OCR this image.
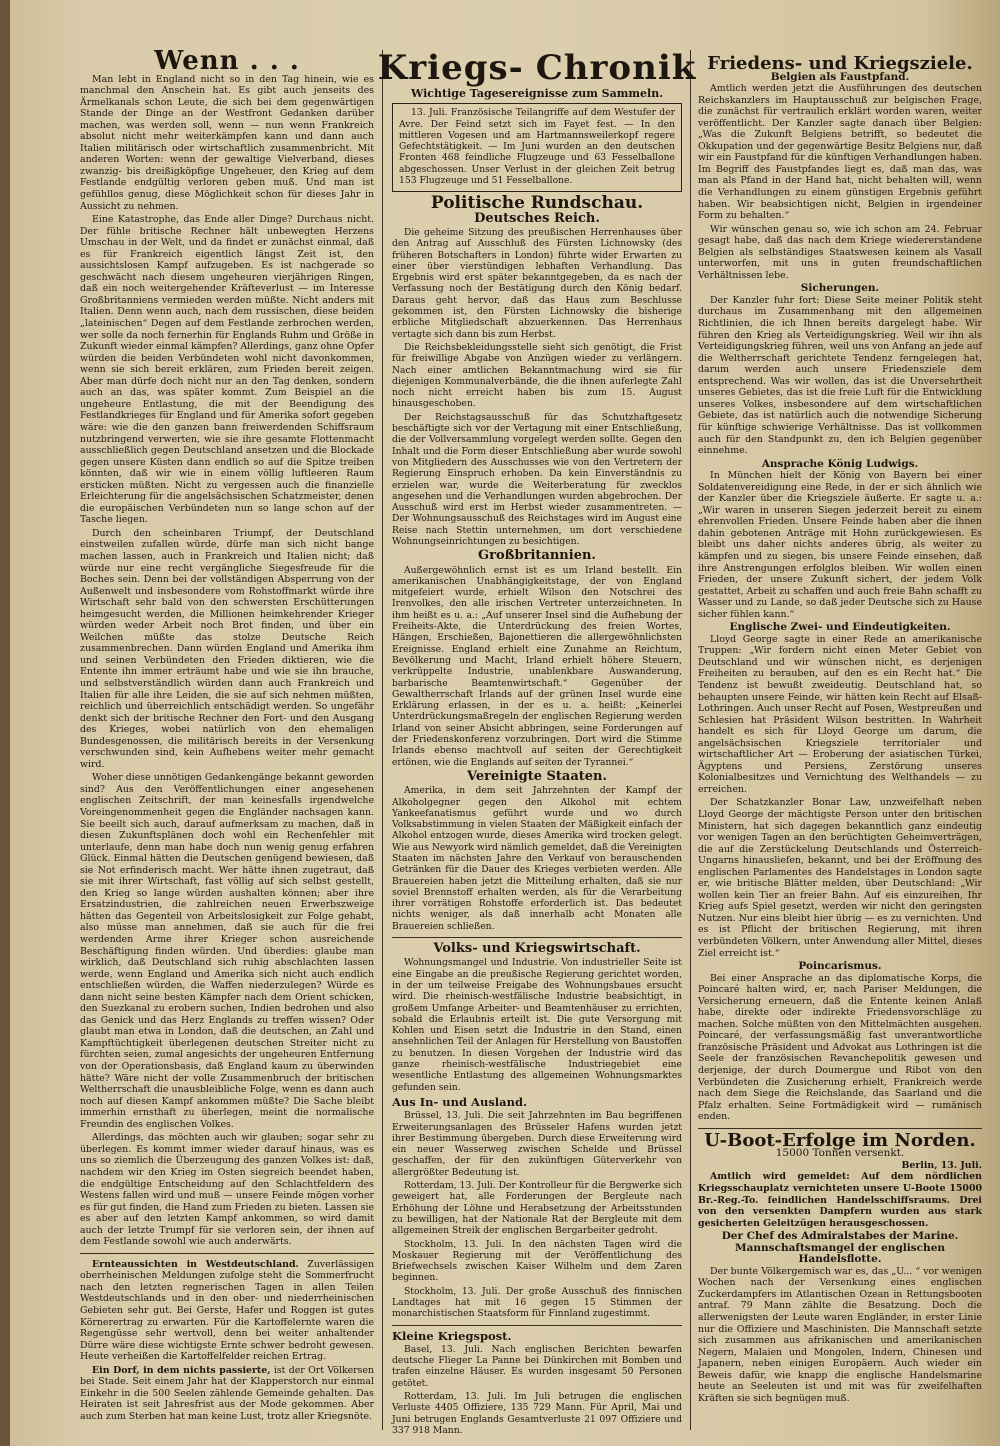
Wenn . . .

Man lebt in England nicht so in den Tag hinein, wie es manchmal den Anschein hat. Es gibt auch jenseits des Ärmelkanals schon Leute, die sich bei dem gegenwärtigen Stande der Dinge an der Westfront Gedanken darüber machen, was werden soll, wenn — nun wenn Frankreich absolut nicht mehr weiterkämpfen kann und dann auch Italien militärisch oder wirtschaftlich zusammenbricht. Mit anderen Worten: wenn der gewaltige Vielverband, dieses zwanzig- bis dreißigköpfige Ungeheuer, den Krieg auf dem Festlande endgültig verloren geben muß. Und man ist gefühllos genug, diese Möglichkeit schon für dieses Jahr in Aussicht zu nehmen.

Eine Katastrophe, das Ende aller Dinge? Durchaus nicht. Der fühle britische Rechner hält unbewegten Herzens Umschau in der Welt, und da findet er zunächst einmal, daß es für Frankreich eigentlich längst Zeit ist, den aussichtslosen Kampf aufzugeben. Es ist nachgerade so geschwächt nach diesem ungeheuren vierjährigen Ringen, daß ein noch weitergehender Kräfteverlust — im Interesse Großbritanniens vermieden werden müßte. Nicht anders mit Italien. Denn wenn auch, nach dem russischen, diese beiden „lateinischen“ Degen auf dem Festlande zerbrochen werden, wer solle da noch fernerhin für Englands Ruhm und Größe in Zukunft wieder einmal kämpfen? Allerdings, ganz ohne Opfer würden die beiden Verbündeten wohl nicht davonkommen, wenn sie sich bereit erklären, zum Frieden bereit zeigen. Aber man dürfe doch nicht nur an den Tag denken, sondern auch an das, was später kommt. Zum Beispiel an die ungeheure Entlastung, die mit der Beendigung des Festlandkrieges für England und für Amerika sofort gegeben wäre: wie die den ganzen bann freiwerdenden Schiffsraum nutzbringend verwerten, wie sie ihre gesamte Flottenmacht ausschließlich gegen Deutschland ansetzen und die Blockade gegen unsere Küsten dann endlich so auf die Spitze treiben könnten, daß wir wie in einem völlig luftleeren Raum ersticken müßten. Nicht zu vergessen auch die finanzielle Erleichterung für die angelsächsischen Schatzmeister, denen die europäischen Verbündeten nun so lange schon auf der Tasche liegen.

Durch den scheinbaren Triumpf, der Deutschland einstweilen zufallen würde, dürfe man sich nicht bange machen lassen, auch in Frankreich und Italien nicht; daß würde nur eine recht vergängliche Siegesfreude für die Boches sein. Denn bei der vollständigen Absperrung von der Außenwelt und insbesondere vom Rohstoffmarkt würde ihre Wirtschaft sehr bald von den schwersten Erschütterungen heimgesucht werden, die Millionen heimkehrender Krieger würden weder Arbeit noch Brot finden, und über ein Weilchen müßte das stolze Deutsche Reich zusammenbrechen. Dann würden England und Amerika ihm und seinen Verbündeten den Frieden diktieren, wie die Entente ihn immer erträumt habe und wie sie ihn brauche, und selbstverständlich würden dann auch Frankreich und Italien für alle ihre Leiden, die sie auf sich nehmen müßten, reichlich und überreichlich entschädigt werden. So ungefähr denkt sich der britische Rechner den Fort- und den Ausgang des Krieges, wobei natürlich von den ehemaligen Bundesgenossen, die militärisch bereits in der Versenkung verschwunden sind, kein Aufhebens weiter mehr gemacht wird.

Woher diese unnötigen Gedankengänge bekannt geworden sind? Aus den Veröffentlichungen einer angesehenen englischen Zeitschrift, der man keinesfalls irgendwelche Voreingenommenheit gegen die Engländer nachsagen kann. Sie beeilt sich auch, darauf aufmerksam zu machen, daß in diesen Zukunftsplänen doch wohl ein Rechenfehler mit unterlaufe, denn man habe doch nun wenig genug erfahren Glück. Einmal hätten die Deutschen genügend bewiesen, daß sie Not erfinderisch macht. Wer hätte ihnen zugetraut, daß sie mit ihrer Wirtschaft, fast völlig auf sich selbst gestellt, den Krieg so lange würden aushalten können; aber ihre Ersatzindustrien, die zahlreichen neuen Erwerbszweige hätten das Gegenteil von Arbeitslosigkeit zur Folge gehabt, also müsse man annehmen, daß sie auch für die frei werdenden Arme ihrer Krieger schon ausreichende Beschäftigung finden würden. Und überdies: glaube man wirklich, daß Deutschland sich ruhig abschlachten lassen werde, wenn England und Amerika sich nicht auch endlich entschließen würden, die Waffen niederzulegen? Würde es dann nicht seine besten Kämpfer nach dem Orient schicken, den Suezkanal zu erobern suchen, Indien bedrohen und also das Genick und das Herz Englands zu treffen wissen? Oder glaubt man etwa in London, daß die deutschen, an Zahl und Kampftüchtigkeit überlegenen deutschen Streiter nicht zu fürchten seien, zumal angesichts der ungeheuren Entfernung von der Operationsbasis, daß England kaum zu überwinden hätte? Wäre nicht der volle Zusammenbruch der britischen Weltherrschaft die unausbleibliche Folge, wenn es dann auch noch auf diesen Kampf ankommen müßte? Die Sache bleibt immerhin ernsthaft zu überlegen, meint die normalische Freundin des englischen Volkes.

Allerdings, das möchten auch wir glauben; sogar sehr zu überlegen. Es kommt immer wieder darauf hinaus, was es uns so ziemlich die Überzeugung des ganzen Volkes ist: daß, nachdem wir den Krieg im Osten siegreich beendet haben, die endgültige Entscheidung auf den Schlachtfeldern des Westens fallen wird und muß — unsere Feinde mögen vorher es für gut finden, die Hand zum Frieden zu bieten. Lassen sie es aber auf den letzten Kampf ankommen, so wird damit auch der letzte Trumpf für sie verloren sein, der ihnen auf dem Festlande sowohl wie auch anderwärts.

Ernteaussichten in Westdeutschland. Zuverlässigen oberrheinischen Meldungen zufolge steht die Sommerfrucht nach den letzten regnerischen Tagen in allen Teilen Westdeutschlands und in den ober- und niederrheinischen Gebieten sehr gut. Bei Gerste, Hafer und Roggen ist gutes Körnerertrag zu erwarten. Für die Kartoffelernte waren die Regengüsse sehr wertvoll, denn bei weiter anhaltender Dürre wäre diese wichtigste Ernte schwer bedroht gewesen. Heute verheißen die Kartoffelfelder reichen Ertrag.

Ein Dorf, in dem nichts passierte, ist der Ort Völkersen bei Stade. Seit einem Jahr hat der Klapperstorch nur einmal Einkehr in die 500 Seelen zählende Gemeinde gehalten. Das Heiraten ist seit Jahresfrist aus der Mode gekommen. Aber auch zum Sterben hat man keine Lust, trotz aller Kriegsnöte.

Kriegs- Chronik
Wichtige Tagesereignisse zum Sammeln.

13. Juli. Französische Teilangriffe auf dem Westufer der Avre. Der Feind setzt sich im Fayet fest. — In den mittleren Vogesen und am Hartmannsweilerkopf regere Gefechtstätigkeit. — Im Juni wurden an den deutschen Fronten 468 feindliche Flugzeuge und 63 Fesselballone abgeschossen. Unser Verlust in der gleichen Zeit betrug 153 Flugzeuge und 51 Fesselballone.

Politische Rundschau.
Deutsches Reich.

Die geheime Sitzung des preußischen Herrenhauses über den Antrag auf Ausschluß des Fürsten Lichnowsky (des früheren Botschafters in London) führte wider Erwarten zu einer über vierstündigen lebhaften Verhandlung. Das Ergebnis wird erst später bekanntgegeben, da es nach der Verfassung noch der Bestätigung durch den König bedarf. Daraus geht hervor, daß das Haus zum Beschlusse gekommen ist, den Fürsten Lichnowsky die bisherige erbliche Mitgliedschaft abzuerkennen. Das Herrenhaus vertagte sich dann bis zum Herbst.

Die Reichsbekleidungsstelle sieht sich genötigt, die Frist für freiwillige Abgabe von Anzügen wieder zu verlängern. Nach einer amtlichen Bekanntmachung wird sie für diejenigen Kommunalverbände, die die ihnen auferlegte Zahl noch nicht erreicht haben bis zum 15. August hinausgeschoben.

Der Reichstagsausschuß für das Schutzhaftgesetz beschäftigte sich vor der Vertagung mit einer Entschließung, die der Vollversammlung vorgelegt werden sollte. Gegen den Inhalt und die Form dieser Entschließung aber wurde sowohl von Mitgliedern des Ausschusses wie von den Vertretern der Regierung Einspruch erhoben. Da kein Einverständnis zu erzielen war, wurde die Weiterberatung für zwecklos angesehen und die Verhandlungen wurden abgebrochen. Der Ausschuß wird erst im Herbst wieder zusammentreten. — Der Wohnungsausschuß des Reichstages wird im August eine Reise nach Stettin unternehmen, um dort verschiedene Wohnungseinrichtungen zu besichtigen.

Großbritannien.

Außergewöhnlich ernst ist es um Irland bestellt. Ein amerikanischen Unabhängigkeitstage, der von England mitgefeiert wurde, erhielt Wilson den Notschrei des Irenvolkes, den alle irischen Vertreter unterzeichneten. In ihm heißt es u. a.: „Auf unserer Insel sind die Aufhebung der Freiheits-Akte, die Unterdrückung des freien Wortes, Hängen, Erschießen, Bajonettieren die allergewöhnlichsten Ereignisse. England erhielt eine Zunahme an Reichtum, Bevölkerung und Macht, Irland erhielt höhere Steuern, verkrüppelte Industrie, unablenkbare Auswanderung, barbarische Beamtenwirtschaft.“ Gegenüber der Gewaltherrschaft Irlands auf der grünen Insel wurde eine Erklärung erlassen, in der es u. a. heißt: „Keinerlei Unterdrückungsmaßregeln der englischen Regierung werden Irland von seiner Absicht abbringen, seine Forderungen auf der Friedenskonferenz vorzubringen. Dort wird die Stimme Irlands ebenso machtvoll auf seiten der Gerechtigkeit ertönen, wie die Englands auf seiten der Tyrannei.“

Vereinigte Staaten.

Amerika, in dem seit Jahrzehnten der Kampf der Alkoholgegner gegen den Alkohol mit echtem Yankeefanatismus geführt wurde und wo durch Volksabstimmung in vielen Staaten der Mäßigkeit einfach der Alkohol entzogen wurde, dieses Amerika wird trocken gelegt. Wie aus Newyork wird nämlich gemeldet, daß die Vereinigten Staaten im nächsten Jahre den Verkauf von berauschenden Getränken für die Dauer des Krieges verbieten werden. Alle Brauereien haben jetzt die Mitteilung erhalten, daß sie nur soviel Brennstoff erhalten werden, als für die Verarbeitung ihrer vorrätigen Rohstoffe erforderlich ist. Das bedeutet nichts weniger, als daß innerhalb acht Monaten alle Brauereien schließen.

Volks- und Kriegswirtschaft.

Wohnungsmangel und Industrie. Von industrieller Seite ist eine Eingabe an die preußische Regierung gerichtet worden, in der um teilweise Freigabe des Wohnungsbaues ersucht wird. Die rheinisch-westfälische Industrie beabsichtigt, in großem Umfange Arbeiter- und Beamtenhäuser zu errichten, sobald die Erlaubnis erteilt ist. Die gute Versorgung mit Kohlen und Eisen setzt die Industrie in den Stand, einen ansehnlichen Teil der Anlagen für Herstellung von Baustoffen zu benutzen. In diesen Vorgehen der Industrie wird das ganze rheinisch-westfälische Industriegebiet eine wesentliche Entlastung des allgemeinen Wohnungsmarktes gefunden sein.

Aus In- und Ausland.

Brüssel, 13. Juli. Die seit Jahrzehnten im Bau begriffenen Erweiterungsanlagen des Brüsseler Hafens wurden jetzt ihrer Bestimmung übergeben. Durch diese Erweiterung wird ein neuer Wasserweg zwischen Schelde und Brüssel geschaffen, der für den zukünftigen Güterverkehr von allergrößter Bedeutung ist.

Rotterdam, 13. Juli. Der Kontrolleur für die Bergwerke sich geweigert hat, alle Forderungen der Bergleute nach Erhöhung der Löhne und Herabsetzung der Arbeitsstunden zu bewilligen, hat der Nationale Rat der Bergleute mit dem allgemeinen Streik der englischen Bergarbeiter gedroht.

Stockholm, 13. Juli. In den nächsten Tagen wird die Moskauer Regierung mit der Veröffentlichung des Briefwechsels zwischen Kaiser Wilhelm und dem Zaren beginnen.

Stockholm, 13. Juli. Der große Ausschuß des finnischen Landtages hat mit 16 gegen 15 Stimmen der monarchistischen Staatsform für Finnland zugestimmt.

Kleine Kriegspost.

Basel, 13. Juli. Nach englischen Berichten bewarfen deutsche Flieger La Panne bei Dünkirchen mit Bomben und trafen einzelne Häuser. Es wurden insgesamt 50 Personen getötet.

Rotterdam, 13. Juli. Im Juli betrugen die englischen Verluste 4405 Offiziere, 135 729 Mann. Für April, Mai und Juni betrugen Englands Gesamtverluste 21 097 Offiziere und 337 918 Mann.

Friedens- und Kriegsziele.
Belgien als Faustpfand.

Amtlich werden jetzt die Ausführungen des deutschen Reichskanzlers im Hauptausschuß zur belgischen Frage, die zunächst für vertraulich erklärt worden waren, weiter veröffentlicht. Der Kanzler sagte danach über Belgien: „Was die Zukunft Belgiens betrifft, so bedeutet die Okkupation und der gegenwärtige Besitz Belgiens nur, daß wir ein Faustpfand für die künftigen Verhandlungen haben. Im Begriff des Faustpfandes liegt es, daß man das, was man als Pfand in der Hand hat, nicht behalten will, wenn die Verhandlungen zu einem günstigen Ergebnis geführt haben. Wir beabsichtigen nicht, Belgien in irgendeiner Form zu behalten.“

Wir wünschen genau so, wie ich schon am 24. Februar gesagt habe, daß das nach dem Kriege wiedererstandene Belgien als selbständiges Staatswesen keinem als Vasall unterworfen, mit uns in guten freundschaftlichen Verhältnissen lebe.

Sicherungen.

Der Kanzler fuhr fort: Diese Seite meiner Politik steht durchaus im Zusammenhang mit den allgemeinen Richtlinien, die ich Ihnen bereits dargelegt habe. Wir führen den Krieg als Verteidigungskrieg. Weil wir ihn als Verteidigungskrieg führen, weil uns von Anfang an jede auf die Weltherrschaft gerichtete Tendenz ferngelegen hat, darum werden auch unsere Friedensziele dem entsprechend. Was wir wollen, das ist die Unversehrtheit unseres Gebietes, das ist die freie Luft für die Entwicklung unseres Volkes, insbesondere auf dem wirtschaftlichen Gebiete, das ist natürlich auch die notwendige Sicherung für künftige schwierige Verhältnisse. Das ist vollkommen auch für den Standpunkt zu, den ich Belgien gegenüber einnehme.

Ansprache König Ludwigs.

In München hielt der König von Bayern bei einer Soldatenvereidigung eine Rede, in der er sich ähnlich wie der Kanzler über die Kriegsziele äußerte. Er sagte u. a.: „Wir waren in unseren Siegen jederzeit bereit zu einem ehrenvollen Frieden. Unsere Feinde haben aber die ihnen dahin gebotenen Anträge mit Hohn zurückgewiesen. Es bleibt uns daher nichts anderes übrig, als weiter zu kämpfen und zu siegen, bis unsere Feinde einsehen, daß ihre Anstrengungen erfolglos bleiben. Wir wollen einen Frieden, der unsere Zukunft sichert, der jedem Volk gestattet, Arbeit zu schaffen und auch freie Bahn schafft zu Wasser und zu Lande, so daß jeder Deutsche sich zu Hause sicher fühlen kann.“

Englische Zwei- und Eindeutigkeiten.

Lloyd George sagte in einer Rede an amerikanische Truppen: „Wir fordern nicht einen Meter Gebiet von Deutschland und wir wünschen nicht, es derjenigen Freiheiten zu berauben, auf den es ein Recht hat.“ Die Tendenz ist bewußt zweideutig. Deutschland hat, so behaupten unsere Feinde, wir hätten kein Recht auf Elsaß-Lothringen. Auch unser Recht auf Posen, Westpreußen und Schlesien hat Präsident Wilson bestritten. In Wahrheit handelt es sich für Lloyd George um darum, die angelsächsischen Kriegsziele territorialer und wirtschaftlicher Art — Eroberung der asiatischen Türkei, Ägyptens und Persiens, Zerstörung unseres Kolonialbesitzes und Vernichtung des Welthandels — zu erreichen.

Der Schatzkanzler Bonar Law, unzweifelhaft neben Lloyd George der mächtigste Person unter den britischen Ministern, hat sich dagegen bekanntlich ganz eindeutig vor wenigen Tagen an den berüchtigten Geheimverträgen, die auf die Zerstückelung Deutschlands und Österreich-Ungarns hinausliefen, bekannt, und bei der Eröffnung des englischen Parlamentes des Handelstages in London sagte er, wie britische Blätter melden, über Deutschland: „Wir wollen kein Tier an freier Bahn. Auf eis einzureihen, Ihr Krieg aufs Spiel gesetzt, werden wir nicht den geringsten Nutzen. Nur eins bleibt hier übrig — es zu vernichten. Und es ist Pflicht der britischen Regierung, mit ihren verbündeten Völkern, unter Anwendung aller Mittel, dieses Ziel erreicht ist.“

Poincarismus.

Bei einer Ansprache an das diplomatische Korps, die Poincaré halten wird, er, nach Pariser Meldungen, die Versicherung erneuern, daß die Entente keinen Anlaß habe, direkte oder indirekte Friedensvorschläge zu machen. Solche müßten von den Mittelmächten ausgehen. Poincaré, der verfassungsmäßig fast unverantwortliche französische Präsident und Advokat aus Lothringen ist die Seele der französischen Revanchepolitik gewesen und derjenige, der durch Doumergue und Ribot von den Verbündeten die Zusicherung erhielt, Frankreich werde nach dem Siege die Reichslande, das Saarland und die Pfalz erhalten. Seine Fortmädigkeit wird — rumänisch enden.

U-Boot-Erfolge im Norden.
15000 Tonnen versenkt.
Berlin, 13. Juli.

Amtlich wird gemeldet: Auf dem nördlichen Kriegsschauplatz vernichteten unsere U-Boote 15000 Br.-Reg.-To. feindlichen Handelsschiffsraums. Drei von den versenkten Dampfern wurden aus stark gesicherten Geleitzügen herausgeschossen.

Der Chef des Admiralstabes der Marine.
Mannschaftsmangel der englischen Handelsflotte.

Der bunte Völkergemisch war es, das „U... “ vor wenigen Wochen nach der Versenkung eines englischen Zuckerdampfers im Atlantischen Ozean in Rettungsbooten antraf. 79 Mann zählte die Besatzung. Doch die allerwenigsten der Leute waren Engländer, in erster Linie nur die Offiziere und Maschinisten. Die Mannschaft setzte sich zusammen aus afrikanischen und amerikanischen Negern, Malaien und Mongolen, Indern, Chinesen und Japanern, neben einigen Europäern. Auch wieder ein Beweis dafür, wie knapp die englische Handelsmarine heute an Seeleuten ist und mit was für zweifelhaften Kräften sie sich begnügen muß.
